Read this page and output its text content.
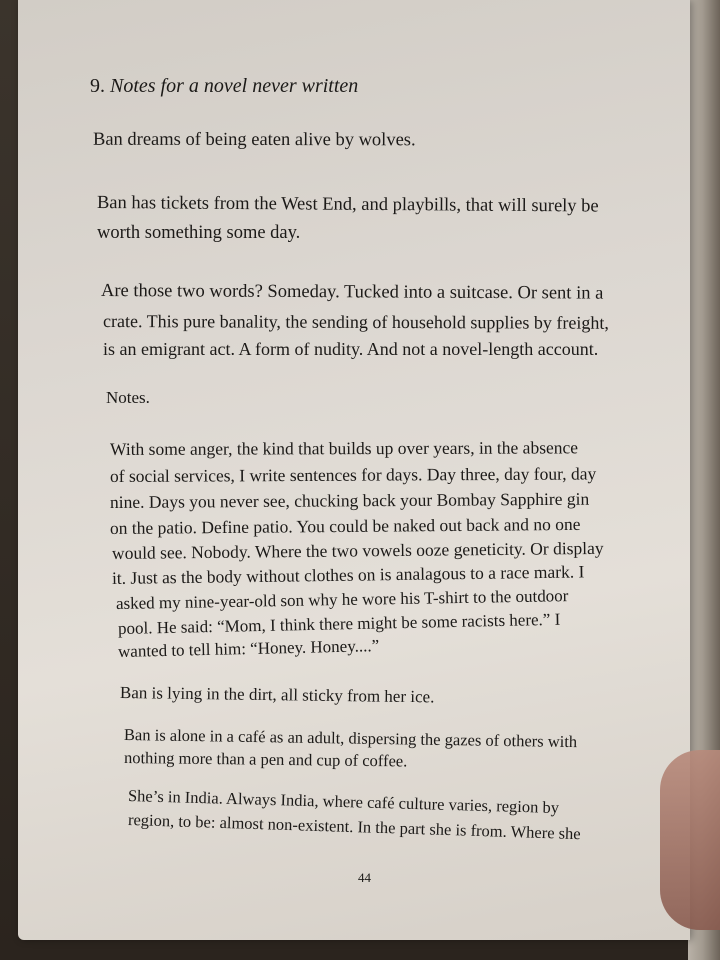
9. Notes for a novel never written
Ban dreams of being eaten alive by wolves.
Ban has tickets from the West End, and playbills, that will surely be
worth something some day.
Are those two words? Someday. Tucked into a suitcase. Or sent in a
crate. This pure banality, the sending of household supplies by freight,
is an emigrant act. A form of nudity. And not a novel-length account.
Notes.
With some anger, the kind that builds up over years, in the absence
of social services, I write sentences for days. Day three, day four, day
nine. Days you never see, chucking back your Bombay Sapphire gin
on the patio. Define patio. You could be naked out back and no one
would see. Nobody. Where the two vowels ooze geneticity. Or display
it. Just as the body without clothes on is analagous to a race mark. I
asked my nine-year-old son why he wore his T-shirt to the outdoor
pool. He said: “Mom, I think there might be some racists here.” I
wanted to tell him: “Honey. Honey....”
Ban is lying in the dirt, all sticky from her ice.
Ban is alone in a café as an adult, dispersing the gazes of others with
nothing more than a pen and cup of coffee.
She’s in India. Always India, where café culture varies, region by
region, to be: almost non-existent. In the part she is from. Where she
44
